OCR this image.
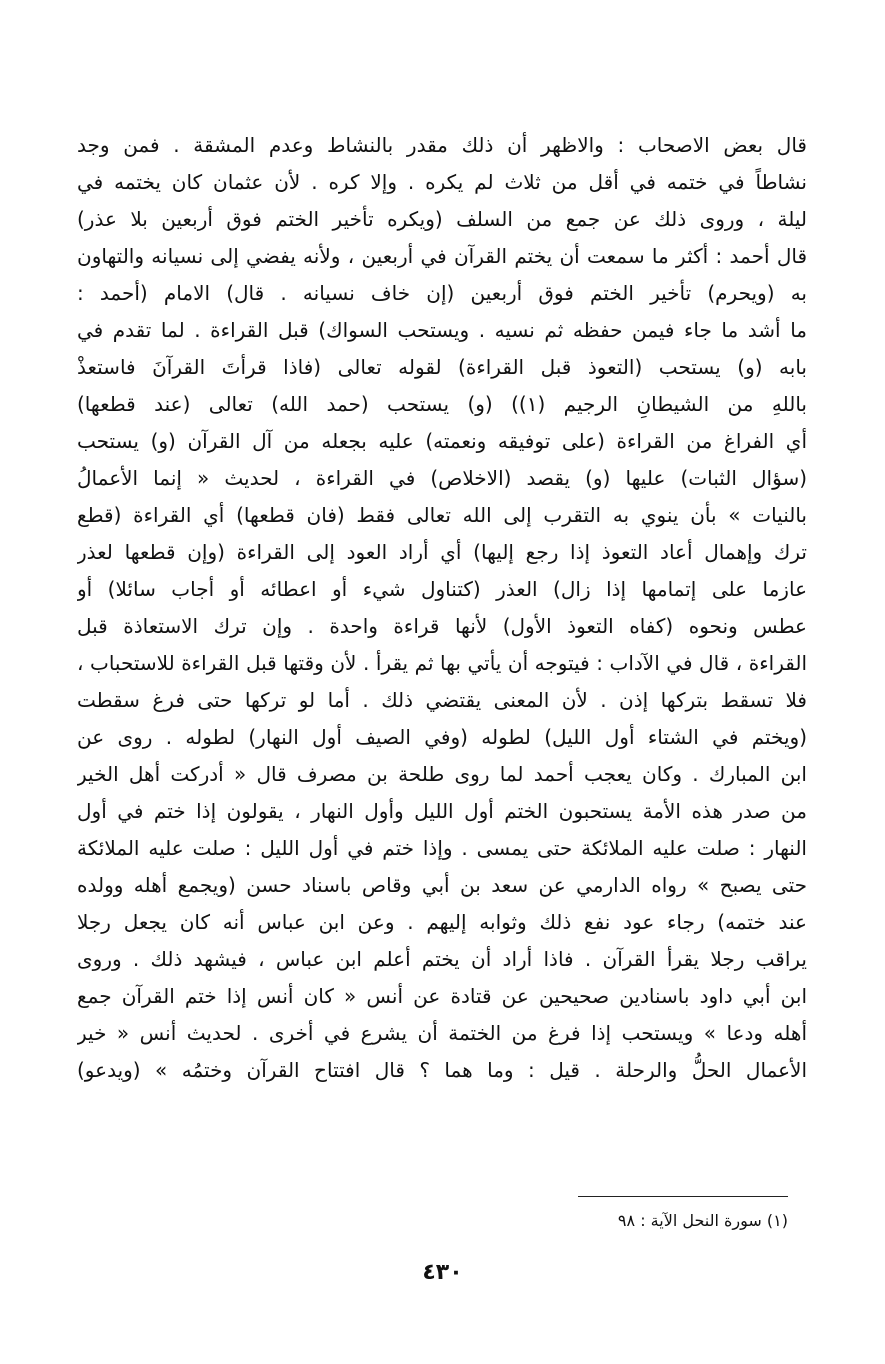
قال بعض الاصحاب : والاظهر أن ذلك مقدر بالنشاط وعدم المشقة . فمن وجد
نشاطاً في ختمه في أقل من ثلاث لم يكره . وإلا كره . لأن عثمان كان يختمه في
ليلة ، وروى ذلك عن جمع من السلف (ويكره تأخير الختم فوق أربعين بلا عذر)
قال أحمد : أكثر ما سمعت أن يختم القرآن في أربعين ، ولأنه يفضي إلى نسيانه والتهاون
به (ويحرم) تأخير الختم فوق أربعين (إن خاف نسيانه . قال) الامام (أحمد :
ما أشد ما جاء فيمن حفظه ثم نسيه . ويستحب السواك) قبل القراءة . لما تقدم في
بابه (و) يستحب (التعوذ قبل القراءة) لقوله تعالى (فاذا قرأتَ القرآنَ فاستعذْ
باللهِ من الشيطانِ الرجيم (١)) (و) يستحب (حمد الله) تعالى (عند قطعها)
أي الفراغ من القراءة (على توفيقه ونعمته) عليه بجعله من آل القرآن (و) يستحب
(سؤال الثبات) عليها (و) يقصد (الاخلاص) في القراءة ، لحديث « إنما الأعمالُ
بالنيات » بأن ينوي به التقرب إلى الله تعالى فقط (فان قطعها) أي القراءة (قطع
ترك وإهمال أعاد التعوذ إذا رجع إليها) أي أراد العود إلى القراءة (وإن قطعها لعذر
عازما على إتمامها إذا زال) العذر (كتناول شيء أو اعطائه أو أجاب سائلا) أو
عطس ونحوه (كفاه التعوذ الأول) لأنها قراءة واحدة . وإن ترك الاستعاذة قبل
القراءة ، قال في الآداب : فيتوجه أن يأتي بها ثم يقرأ . لأن وقتها قبل القراءة للاستحباب ،
فلا تسقط بتركها إذن . لأن المعنى يقتضي ذلك . أما لو تركها حتى فرغ سقطت
(ويختم في الشتاء أول الليل) لطوله (وفي الصيف أول النهار) لطوله . روى عن
ابن المبارك . وكان يعجب أحمد لما روى طلحة بن مصرف قال « أدركت أهل الخير
من صدر هذه الأمة يستحبون الختم أول الليل وأول النهار ، يقولون إذا ختم في أول
النهار : صلت عليه الملائكة حتى يمسى . وإذا ختم في أول الليل : صلت عليه الملائكة
حتى يصبح » رواه الدارمي عن سعد بن أبي وقاص باسناد حسن (ويجمع أهله وولده
عند ختمه) رجاء عود نفع ذلك وثوابه إليهم . وعن ابن عباس أنه كان يجعل رجلا
يراقب رجلا يقرأ القرآن . فاذا أراد أن يختم أعلم ابن عباس ، فيشهد ذلك . وروى
ابن أبي داود باسنادين صحيحين عن قتادة عن أنس « كان أنس إذا ختم القرآن جمع
أهله ودعا » ويستحب إذا فرغ من الختمة أن يشرع في أخرى . لحديث أنس « خير
الأعمال الحلُّ والرحلة . قيل : وما هما ؟ قال افتتاح القرآن وختمُه » (ويدعو)
(١) سورة النحل الآية : ٩٨
٤٣٠
